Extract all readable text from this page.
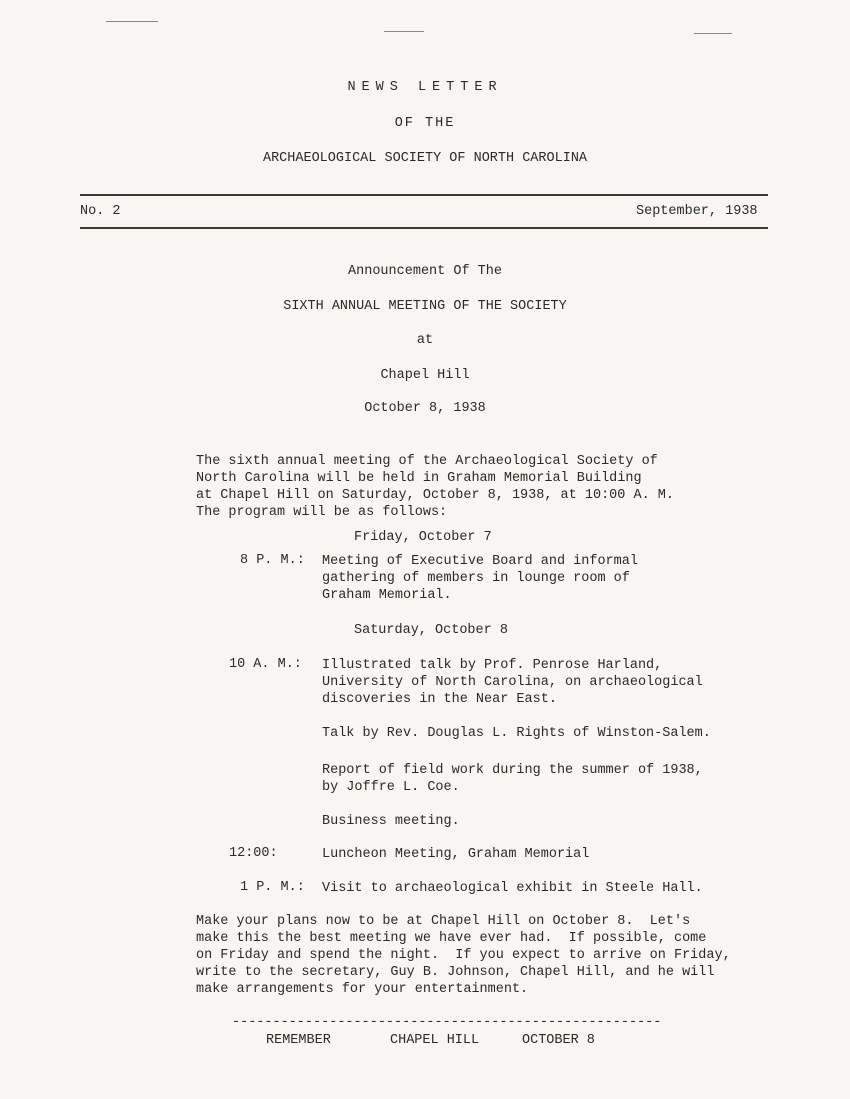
NEWS LETTER
OF THE
ARCHAEOLOGICAL SOCIETY OF NORTH CAROLINA
No. 2	September, 1938
Announcement Of The
SIXTH ANNUAL MEETING OF THE SOCIETY
at
Chapel Hill
October 8, 1938
The sixth annual meeting of the Archaeological Society of
North Carolina will be held in Graham Memorial Building
at Chapel Hill on Saturday, October 8, 1938, at 10:00 A. M.
The program will be as follows:
Friday, October 7
8 P. M.: Meeting of Executive Board and informal
gathering of members in lounge room of
Graham Memorial.
Saturday, October 8
10 A. M.: Illustrated talk by Prof. Penrose Harland,
University of North Carolina, on archaeological
discoveries in the Near East.
Talk by Rev. Douglas L. Rights of Winston-Salem.
Report of field work during the summer of 1938,
by Joffre L. Coe.
Business meeting.
12:00:	Luncheon Meeting, Graham Memorial
1 P. M.: Visit to archaeological exhibit in Steele Hall.
Make your plans now to be at Chapel Hill on October 8.  Let's
make this the best meeting we have ever had.  If possible, come
on Friday and spend the night.  If you expect to arrive on Friday,
write to the secretary, Guy B. Johnson, Chapel Hill, and he will
make arrangements for your entertainment.
-----------------------------------------------------
REMEMBER	CHAPEL HILL	OCTOBER 8
